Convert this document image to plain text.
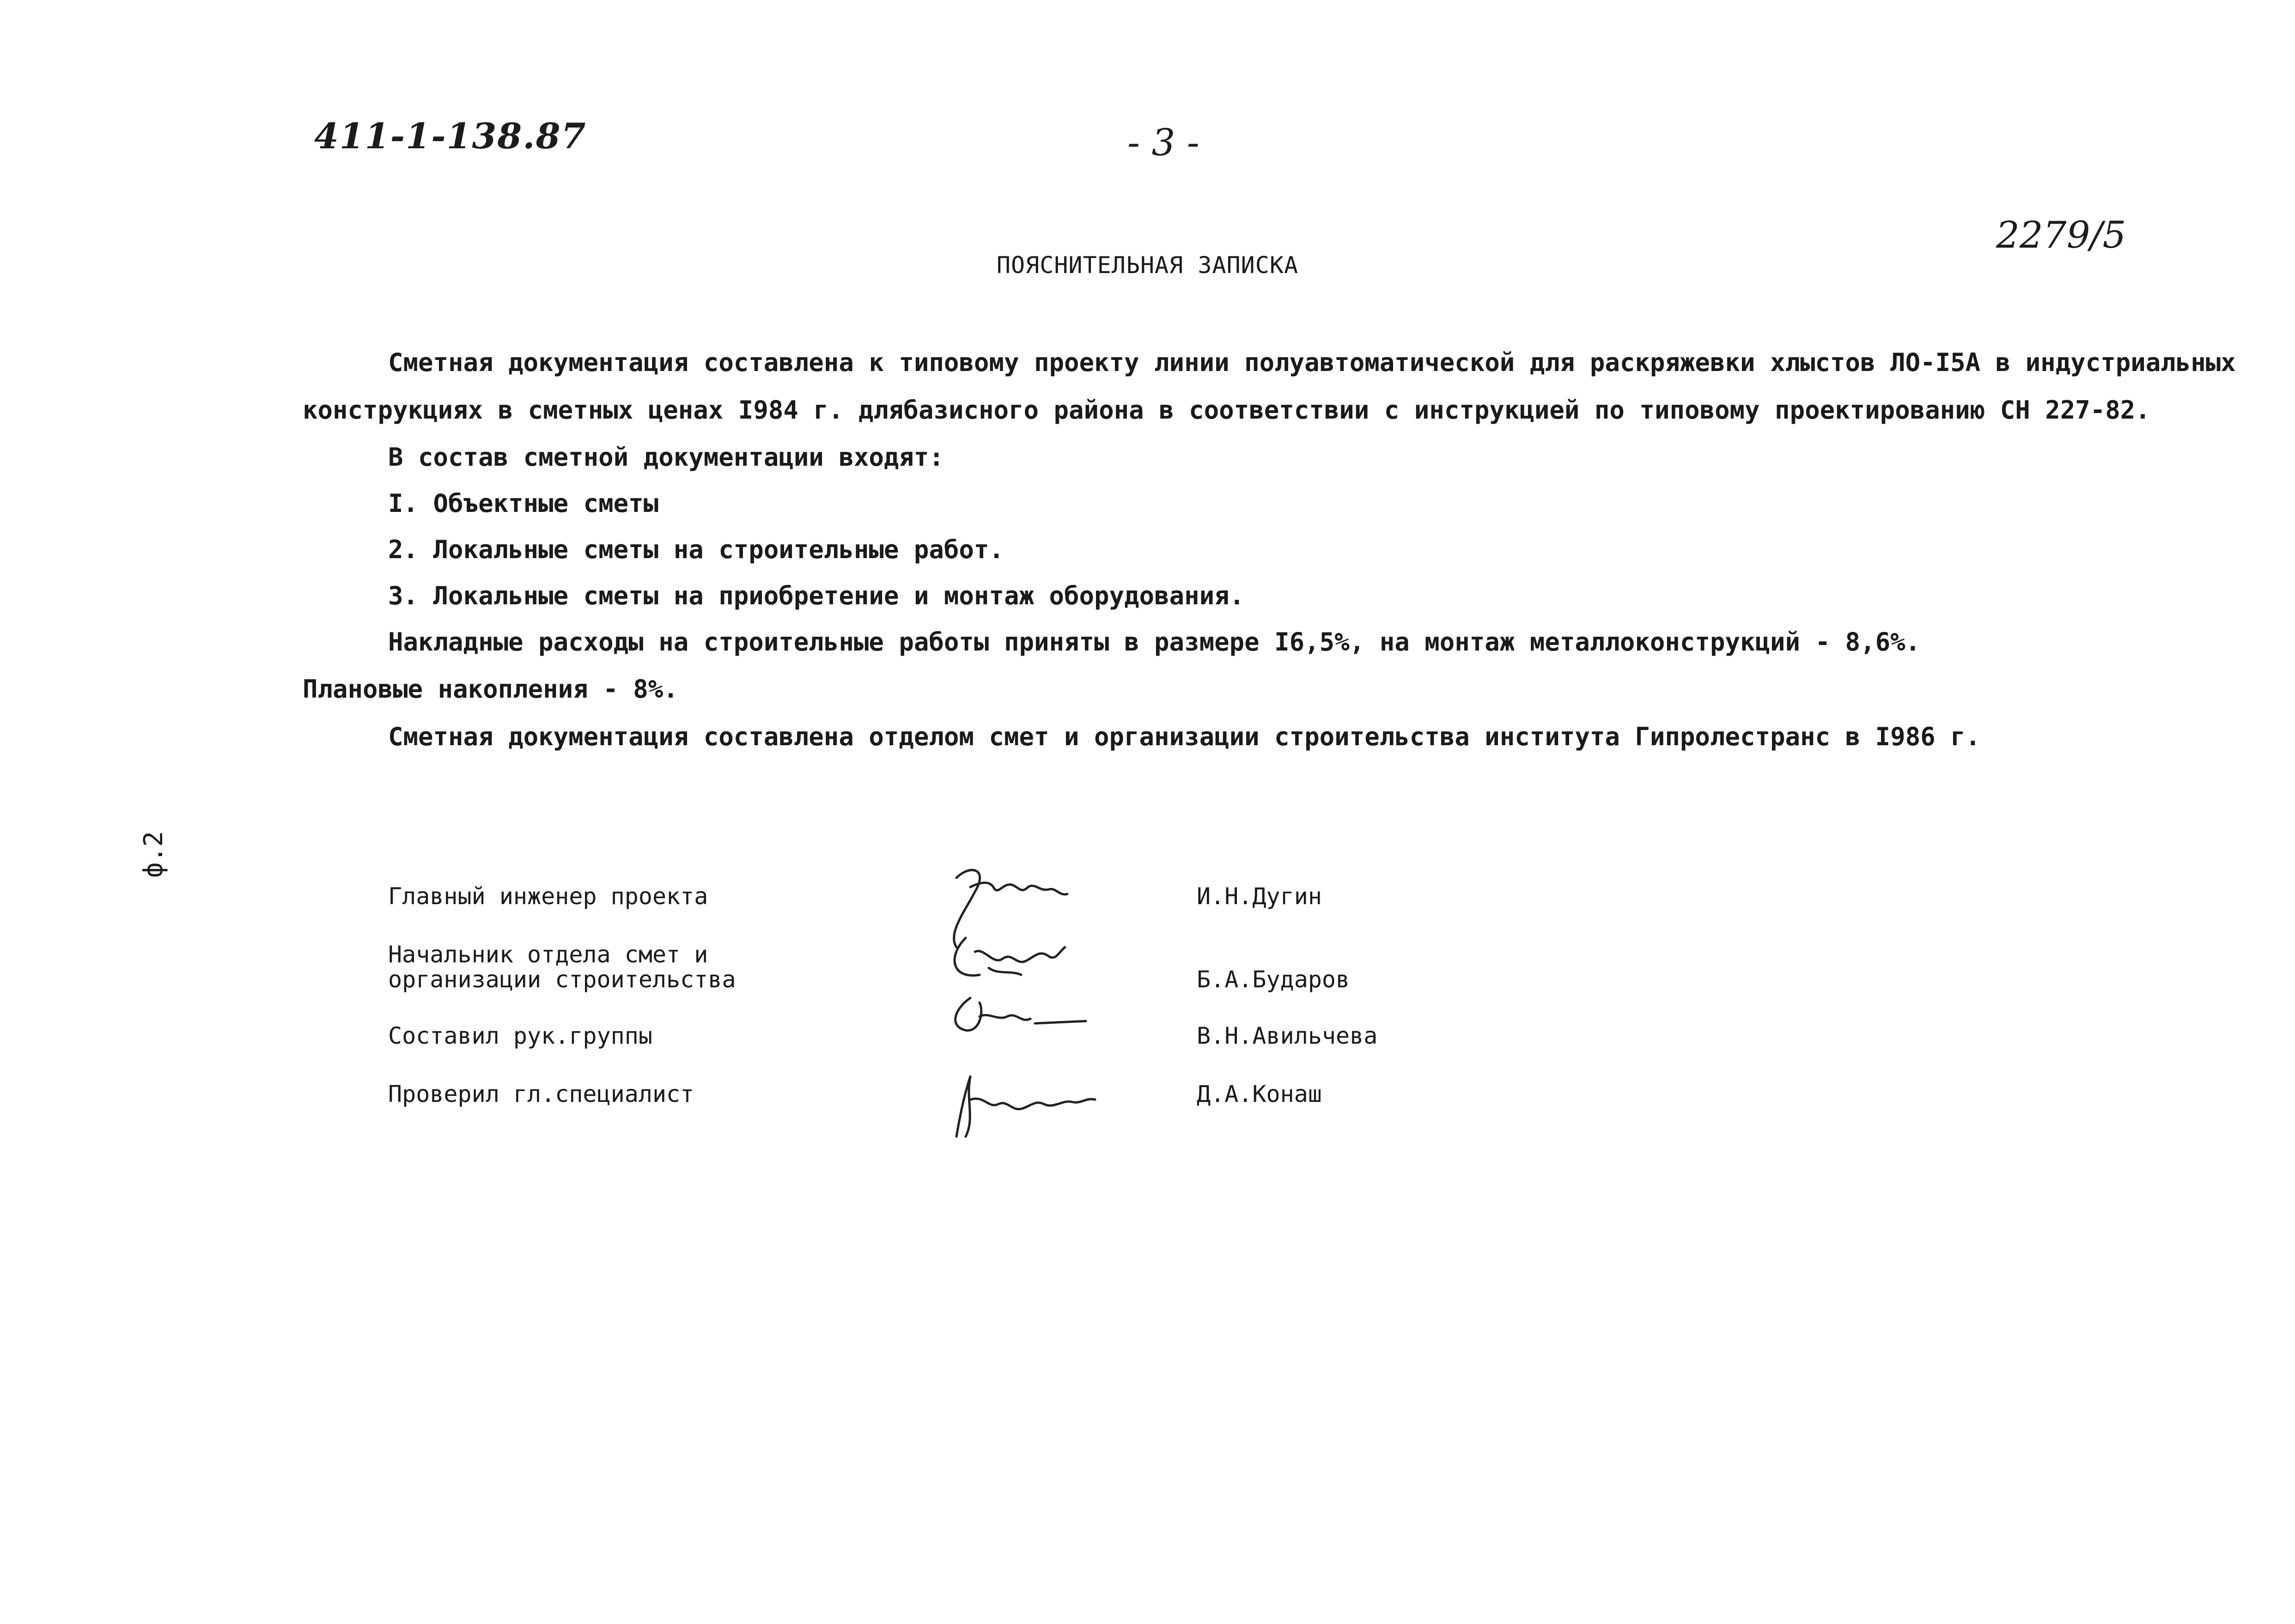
411-1-138.87	- 3 -
2279/5
ф.2
ПОЯСНИТЕЛЬНАЯ ЗАПИСКА
Сметная документация составлена к типовому проекту линии полуавтоматической для раскряжевки хлыстов ЛО-I5А в индустриальных
конструкциях в сметных ценах I984 г. длябазисного района в соответствии с инструкцией по типовому проектированию СН 227-82.
В состав сметной документации входят:
I. Объектные сметы
2. Локальные сметы на строительные работ.
3. Локальные сметы на приобретение и монтаж оборудования.
Накладные расходы на строительные работы приняты в размере I6,5%, на монтаж металлоконструкций - 8,6%.
Плановые накопления - 8%.
Сметная документация составлена отделом смет и организации строительства института Гипролестранс в I986 г.
Главный инженер проекта
Начальник отдела смет и
организации строительства
Составил рук.группы
Проверил гл.специалист
И.Н.Дугин
Б.А.Бударов
В.Н.Авильчева
Д.А.Конаш
